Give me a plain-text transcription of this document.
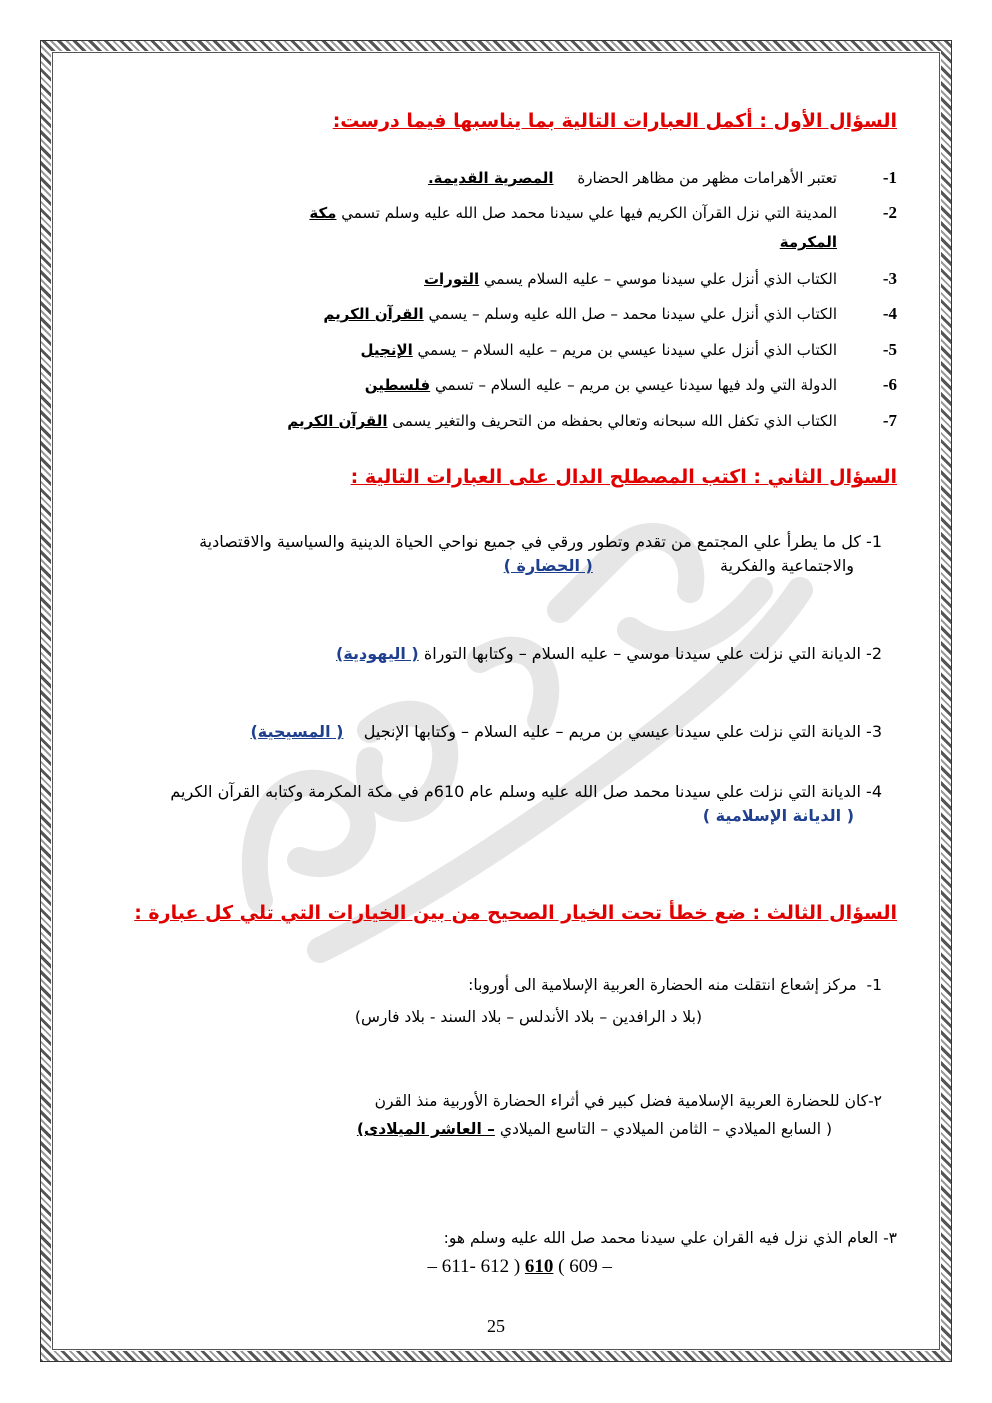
السؤال الأول : أكمل العبارات التالية بما يناسبها فيما درست:

1-
تعتبر الأهرامات مظهر من مظاهر الحضارة     المصرية القديمة.
2-
المدينة التي نزل القرآن الكريم فيها علي سيدنا محمد صل الله عليه وسلم تسمي مكة
المكرمة
3-
الكتاب الذي أنزل علي سيدنا موسي – عليه السلام يسمي التورات
4-
الكتاب الذي أنزل علي سيدنا محمد – صل الله عليه وسلم – يسمي القرآن الكريم
5-
الكتاب الذي أنزل علي سيدنا عيسي بن مريم – عليه السلام – يسمي الإنجيل
6-
الدولة التي ولد فيها سيدنا عيسي بن مريم – عليه السلام – تسمي فلسطين
7-
الكتاب الذي تكفل الله سبحانه وتعالي بحفظه من التحريف والتغير يسمى القرآن الكريم

السؤال الثاني : اكتب المصطلح الدال على العبارات التالية :

1- كل ما يطرأ علي المجتمع من تقدم وتطور ورقي في جميع نواحي الحياة الدينية والسياسية والاقتصادية
والاجتماعية والفكرية                         ( الحضارة )
2- الديانة التي نزلت علي سيدنا موسي – عليه السلام – وكتابها التوراة ( اليهودية)
3- الديانة التي نزلت علي سيدنا عيسي بن مريم – عليه السلام – وكتابها الإنجيل    ( المسيحية)
4- الديانة التي نزلت علي سيدنا محمد صل الله عليه وسلم عام 610م في مكة المكرمة وكتابه القرآن الكريم
( الديانة الإسلامية )

السؤال الثالث : ضع خطأ تحت الخيار الصحيح من بين الخيارات التي تلي كل عبارة :

1-  مركز إشعاع انتقلت منه الحضارة العربية الإسلامية الى أوروبا:
(بلا د الرافدين – بلاد الأندلس – بلاد السند - بلاد فارس)
٢-كان للحضارة العربية الإسلامية فضل كبير في أثراء الحضارة الأوربية منذ القرن
( السابع الميلادي – الثامن الميلادي – التاسع الميلادي – العاشر الميلادى)
٣- العام الذي نزل فيه القران علي سيدنا محمد صل الله عليه وسلم هو:
– 611- 612 ) 610 ( 609 –
25
